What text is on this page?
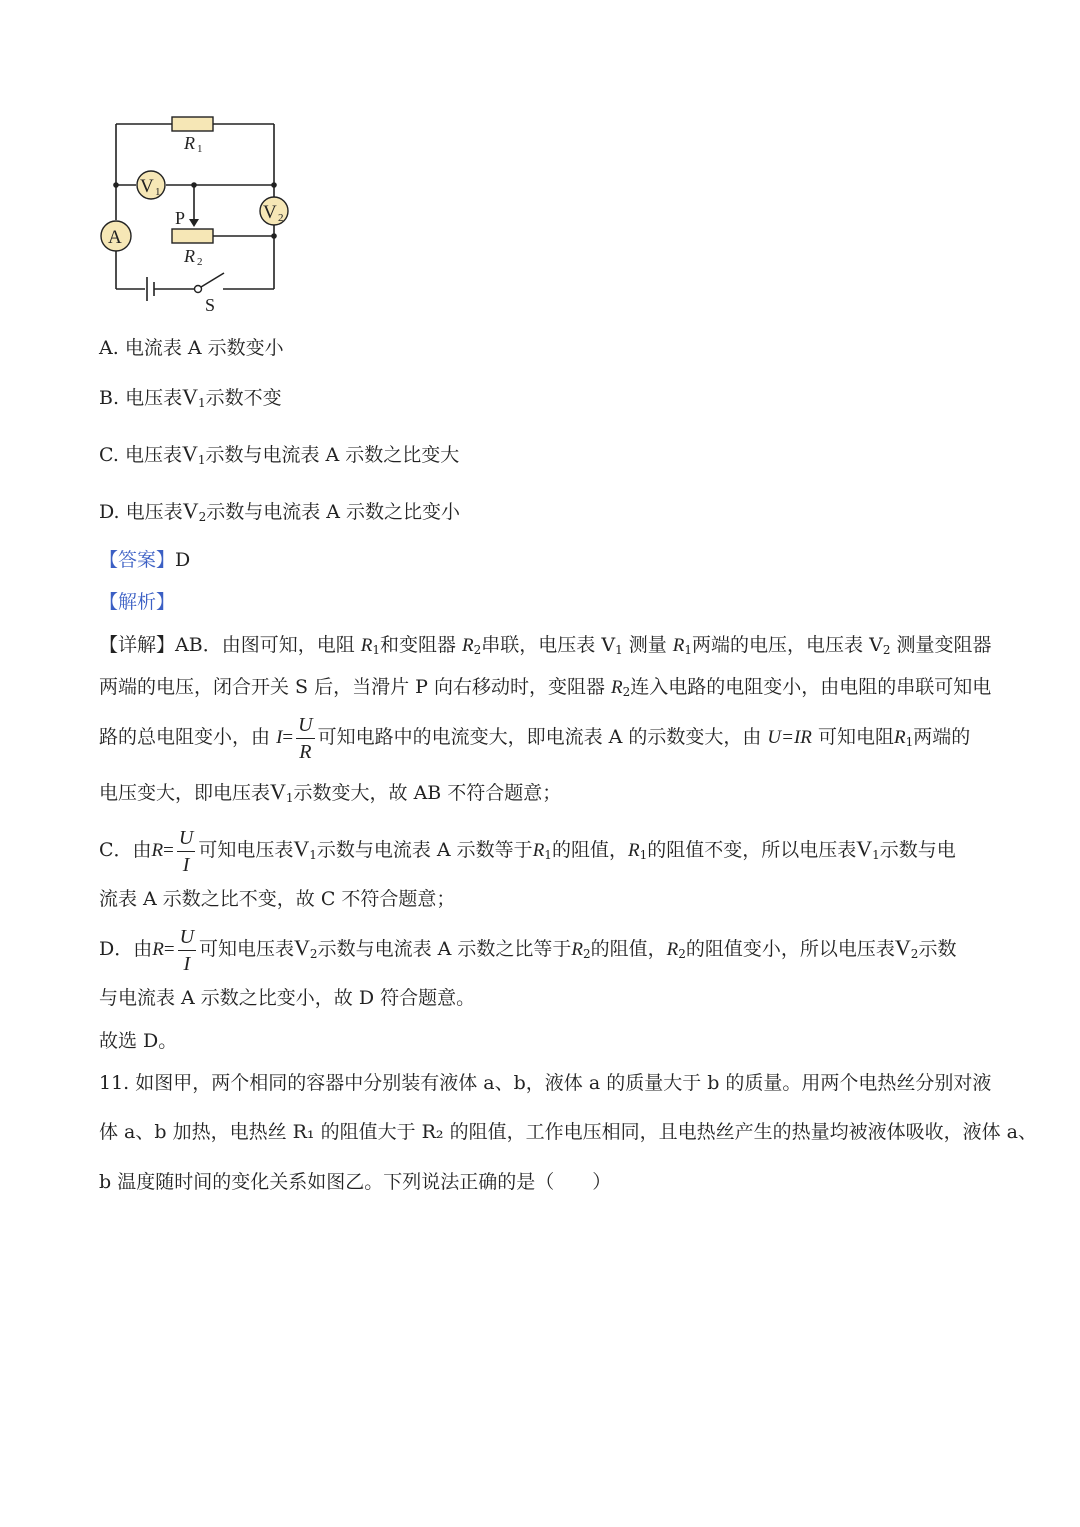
V 1
V 2
A
R 1
R 2
P
S
A. 电流表 A 示数变小
B. 电压表$V_1$示数不变
C. 电压表$V_1$示数与电流表 A 示数之比变大
D. 电压表$V_2$示数与电流表 A 示数之比变小
【答案】D
【解析】
【详解】AB．由图可知，电阻 $R_1$和变阻器 $R_2$串联，电压表 $V_1$ 测量 $R_1$两端的电压，电压表 $V_2$ 测量变阻器
两端的电压，闭合开关 S 后，当滑片 P 向右移动时，变阻器 $R_2$连入电路的电阻变小，由电阻的串联可知电
路的总电阻变小，由 $I= \frac{U}{R}$ 可知电路中的电流变大，即电流表 A 的示数变大，由 U=IR 可知电阻$R_1$两端的
电压变大，即电压表$V_1$示数变大，故 AB 不符合题意；
C．由$R= \frac{U}{I}$ 可知电压表$V_1$示数与电流表 A 示数等于$R_1$的阻值，$R_1$的阻值不变，所以电压表$V_1$示数与电
流表 A 示数之比不变，故 C 不符合题意；
D．由$R= \frac{U}{I}$ 可知电压表$V_2$示数与电流表 A 示数之比等于$R_2$的阻值，$R_2$的阻值变小，所以电压表$V_2$示数
与电流表 A 示数之比变小，故 D 符合题意。
故选 D。
11. 如图甲，两个相同的容器中分别装有液体 a、b，液体 a 的质量大于 b 的质量。用两个电热丝分别对液
体 a、b 加热，电热丝 R₁ 的阻值大于 R₂ 的阻值，工作电压相同，且电热丝产生的热量均被液体吸收，液体 a、
b 温度随时间的变化关系如图乙。下列说法正确的是（　　）
